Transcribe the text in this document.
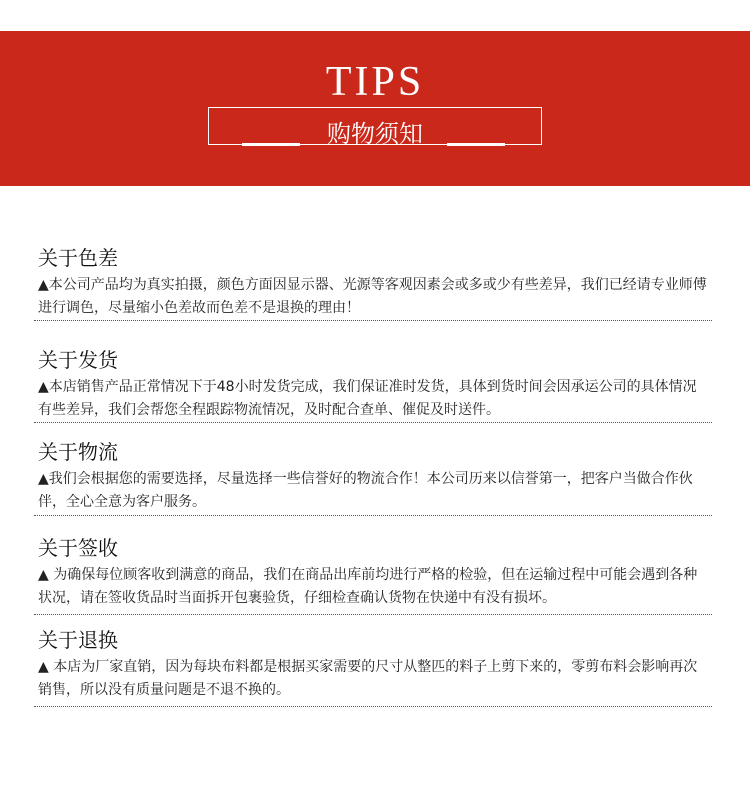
TIPS
购物须知

关于色差

▲本公司产品均为真实拍摄，颜色方面因显示器、光源等客观因素会或多或少有些差异，我们已经请专业师傅进行调色，尽量缩小色差故而色差不是退换的理由！

关于发货

▲本店销售产品正常情况下于48小时发货完成，我们保证准时发货，具体到货时间会因承运公司的具体情况有些差异，我们会帮您全程跟踪物流情况，及时配合查单、催促及时送件。

关于物流

▲我们会根据您的需要选择，尽量选择一些信誉好的物流合作！本公司历来以信誉第一，把客户当做合作伙伴，全心全意为客户服务。

关于签收

▲ 为确保每位顾客收到满意的商品，我们在商品出库前均进行严格的检验，但在运输过程中可能会遇到各种状况，请在签收货品时当面拆开包裹验货，仔细检查确认货物在快递中有没有损坏。

关于退换

▲ 本店为厂家直销，因为每块布料都是根据买家需要的尺寸从整匹的料子上剪下来的，零剪布料会影响再次销售，所以没有质量问题是不退不换的。
